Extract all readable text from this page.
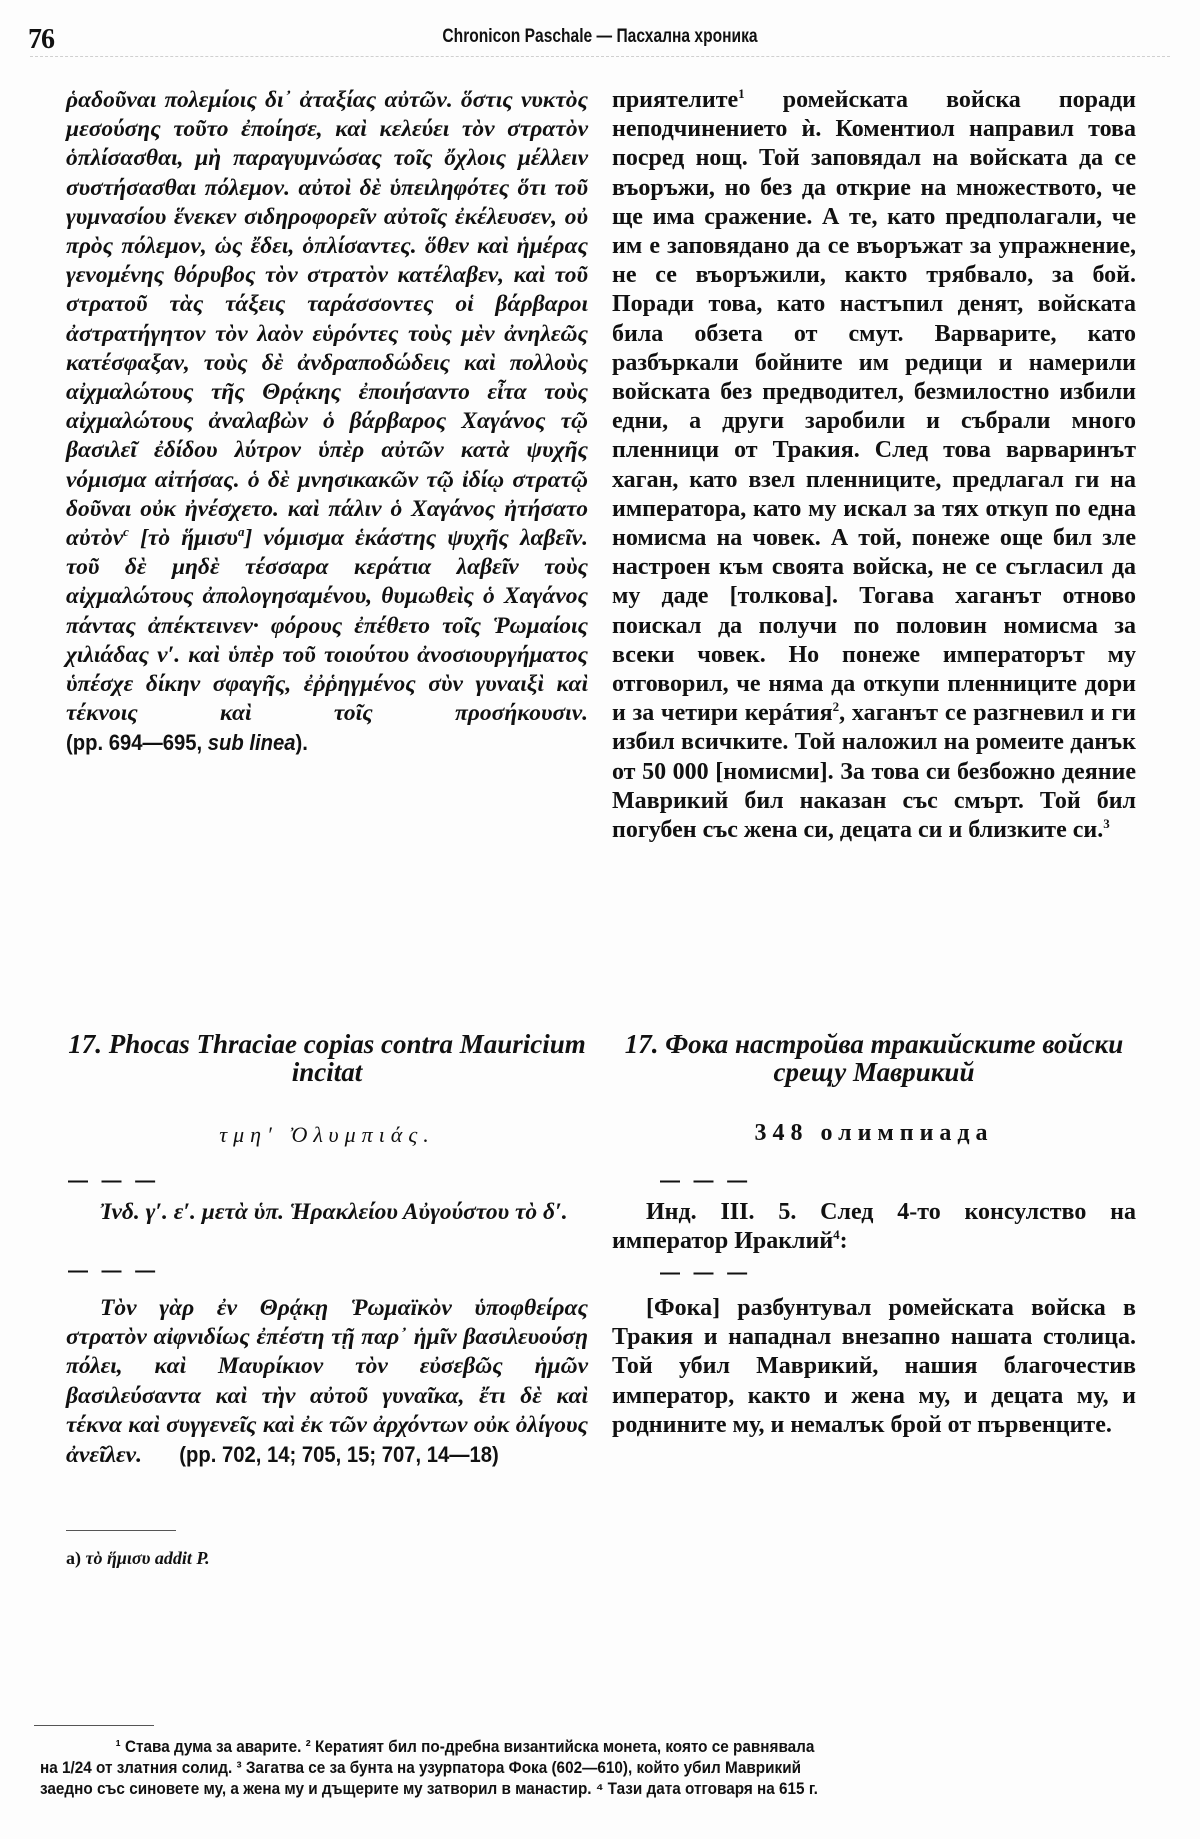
76	Chronicon Paschale — Пасхална хроника
ῥαδοῦναι πολεμίοις δι᾽ ἀταξίας αὐτῶν. ὅστις νυκτὸς μεσούσης τοῦτο ἐποίησε, καὶ κελεύει τὸν στρατὸν ὁπλίσασθαι, μὴ παραγυμνώσας τοῖς ὄχλοις μέλλειν συστήσασθαι πόλεμον. αὐτοὶ δὲ ὑπειληφότες ὅτι τοῦ γυμνασίου ἕνεκεν σιδηροφορεῖν αὐτοῖς ἐκέλευσεν, οὐ πρὸς πόλεμον, ὡς ἔδει, ὁπλίσαντες. ὅθεν καὶ ἡμέρας γενομένης θόρυβος τὸν στρατὸν κατέλαβεν, καὶ τοῦ στρατοῦ τὰς τάξεις ταράσσοντες οἱ βάρβαροι ἀστρατήγητον τὸν λαὸν εὑρόντες τοὺς μὲν ἀνηλεῶς κατέσφαξαν, τοὺς δὲ ἀνδραποδώδεις καὶ πολλοὺς αἰχμαλώτους τῆς Θρᾴκης ἐποιήσαντο εἶτα τοὺς αἰχμαλώτους ἀναλαβὼν ὁ βάρβαρος Χαγάνος τῷ βασιλεῖ ἐδίδου λύτρον ὑπὲρ αὐτῶν κατὰ ψυχῆς νόμισμα αἰτήσας. ὁ δὲ μνησικακῶν τῷ ἰδίῳ στρατῷ δοῦναι οὐκ ἠνέσχετο. καὶ πάλιν ὁ Χαγάνος ἠτήσατο αὐτὸν$^c$ [τὸ ἥμισυ$^a$] νόμισμα ἑκάστης ψυχῆς λαβεῖν. τοῦ δὲ μηδὲ τέσσαρα κεράτια λαβεῖν τοὺς αἰχμαλώτους ἀπολογησαμένου, θυμωθεὶς ὁ Χαγάνος πάντας ἀπέκτεινεν· φόρους ἐπέθετο τοῖς Ῥωμαίοις χιλιάδας ν′. καὶ ὑπὲρ τοῦ τοιούτου ἀνοσιουργήματος ὑπέσχε δίκην σφαγῆς, ἐῤῥηγμένος σὺν γυναιξὶ καὶ τέκνοις καὶ τοῖς προσήκουσιν. (pp. 694—695, sub linea).
приятелите$^1$ ромейската войска поради неподчинението ѝ. Коментиол направил това посред нощ. Той заповядал на войската да се въоръжи, но без да открие на множеството, че ще има сражение. А те, като предполагали, че им е заповядано да се въоръжат за упражнение, не се въоръжили, както трябвало, за бой. Поради това, като настъпил денят, войската била обзета от смут. Варварите, като разбъркали бойните им редици и намерили войската без предводител, безмилостно избили едни, а други заробили и събрали много пленници от Тракия. След това варваринът хаган, като взел пленниците, предлагал ги на императора, като му искал за тях откуп по една номисма на човек. А той, понеже още бил зле настроен към своята войска, не се съгласил да му даде [толкова]. Тогава хаганът отново поискал да получи по половин номисма за всеки човек. Но понеже императорът му отговорил, че няма да откупи пленниците дори и за четири керáтия$^2$, хаганът се разгневил и ги избил всичките. Той наложил на ромеите данък от 50 000 [номисми]. За това си безбожно деяние Маврикий бил наказан със смърт. Той бил погубен със жена си, децата си и близките си.$^3$
17. Phocas Thraciae copias contra Mauricium incitat
17. Фока настройва тракийските войски срещу Маврикий
τμη′ Ὀλυμπιάς.	348 олимпиада
— — —	— — —
Ἰνδ. γ′. ε′. μετὰ ὑπ. Ἡρακλείου Αὐγούστου τὸ δ′.	Инд. III. 5. След 4-то консулство на император Ираклий$^4$:
— — —	— — —
Τὸν γὰρ ἐν Θρᾴκῃ Ῥωμαϊκὸν ὑποφθείρας στρατὸν αἰφνιδίως ἐπέστη τῇ παρ᾽ ἡμῖν βασιλευούσῃ πόλει, καὶ Μαυρίκιον τὸν εὐσεβῶς ἡμῶν βασιλεύσαντα καὶ τὴν αὐτοῦ γυναῖκα, ἔτι δὲ καὶ τέκνα καὶ συγγενεῖς καὶ ἐκ τῶν ἀρχόντων οὐκ ὀλίγους ἀνεῖλεν. (pp. 702, 14; 705, 15; 707, 14—18)
[Фока] разбунтувал ромейската войска в Тракия и нападнал внезапно нашата столица. Той убил Маврикий, нашия благочестив император, както и жена му, и децата му, и роднините му, и немалък брой от първенците.
a) τὸ ἥμισυ addit P.
¹ Става дума за аварите. ² Кератият бил по-дребна византийска монета, която се равнявала
на 1/24 от златния солид. ³ Загатва се за бунта на узурпатора Фока (602—610), който убил Маврикий
заедно със синовете му, а жена му и дъщерите му затворил в манастир. ⁴ Тази дата отговаря на 615 г.
